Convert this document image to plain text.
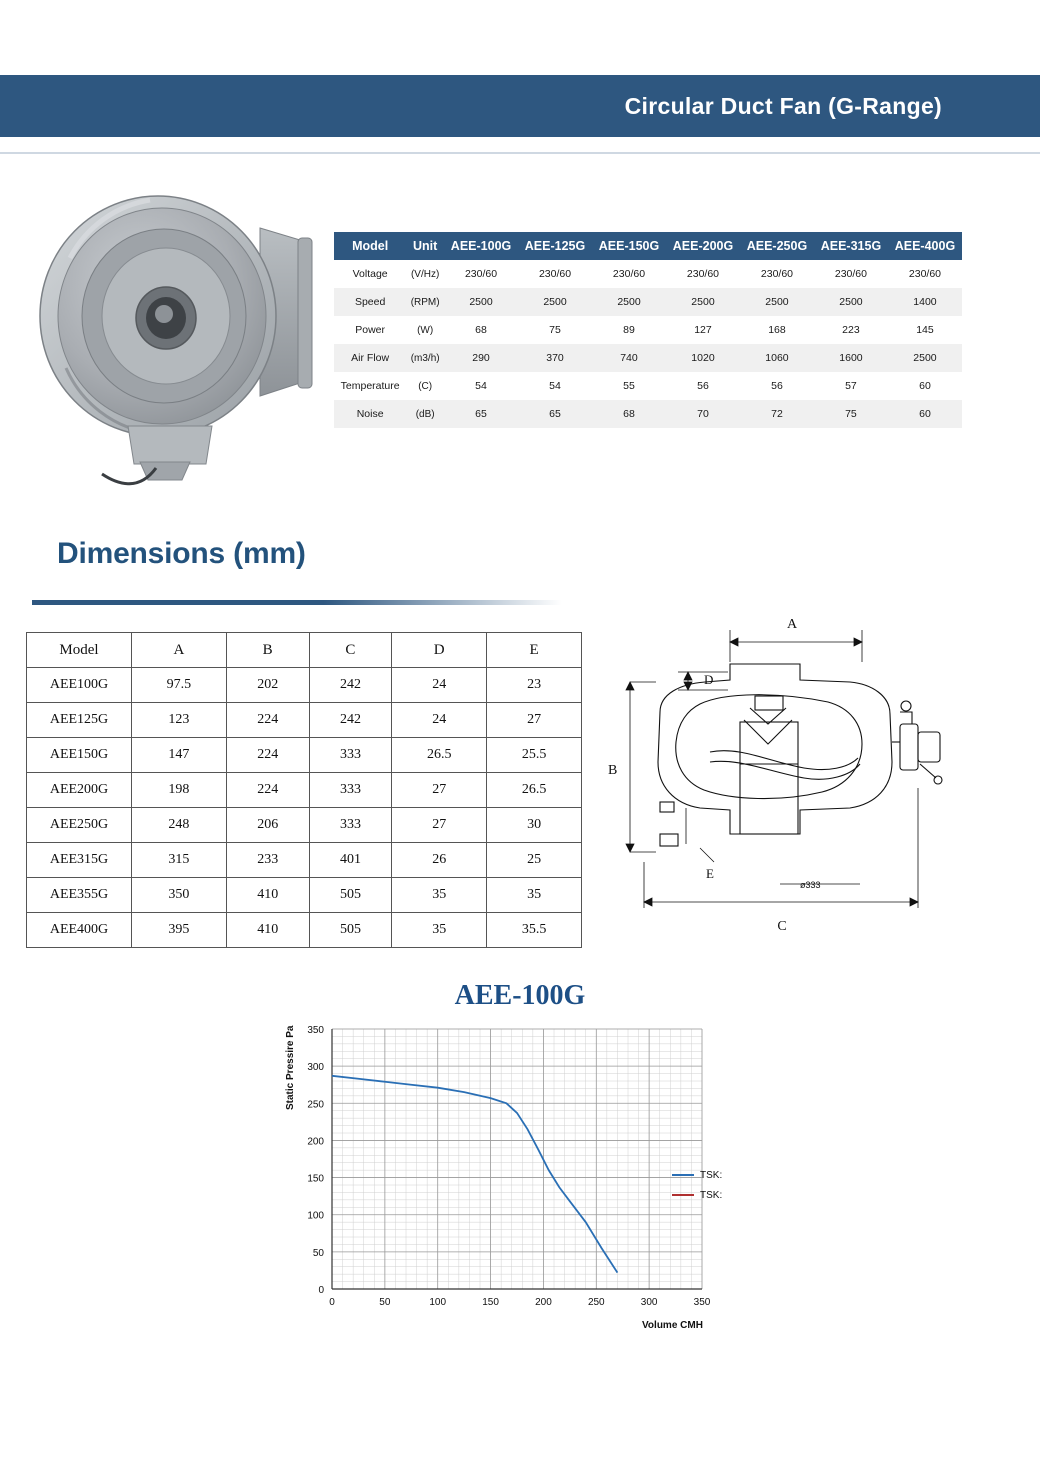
Circular Duct Fan (G-Range)
Model	Unit	AEE-100G	AEE-125G	AEE-150G	AEE-200G	AEE-250G	AEE-315G	AEE-400G
Voltage	(V/Hz)	230/60	230/60	230/60	230/60	230/60	230/60	230/60
Speed	(RPM)	2500	2500	2500	2500	2500	2500	1400
Power	(W)	68	75	89	127	168	223	145
Air Flow	(m3/h)	290	370	740	1020	1060	1600	2500
Temperature	(C)	54	54	55	56	56	57	60
Noise	(dB)	65	65	68	70	72	75	60
Dimensions (mm)
Model	A	B	C	D	E
AEE100G	97.5	202	242	24	23
AEE125G	123	224	242	24	27
AEE150G	147	224	333	26.5	25.5
AEE200G	198	224	333	27	26.5
AEE250G	248	206	333	27	30
AEE315G	315	233	401	26	25
AEE355G	350	410	505	35	35
AEE400G	395	410	505	35	35.5
A
D
B
E
C
ø333
AEE-100G
Static Pressire Pa
Volume CMH
0	50	100	150	200	250	300	350
0
50
100
150
200
250
300
350
TSK:
TSK:
